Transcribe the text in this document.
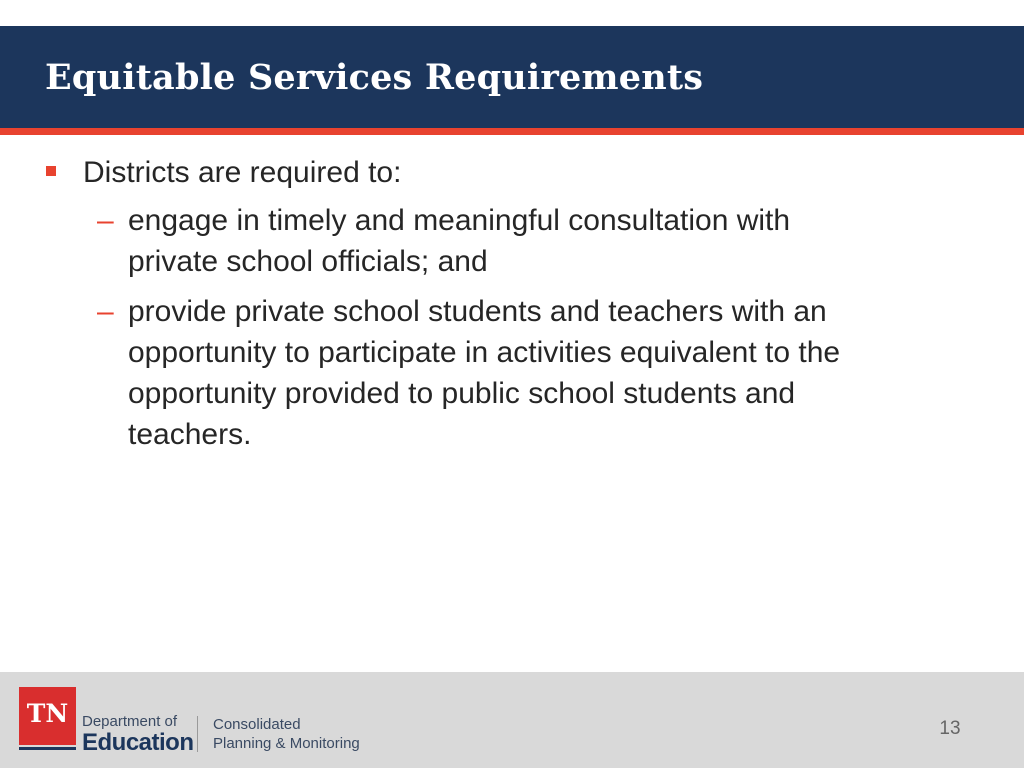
Equitable Services Requirements
Districts are required to:
– engage in timely and meaningful consultation with
private school officials; and
– provide private school students and teachers with an
opportunity to participate in activities equivalent to the
opportunity provided to public school students and
teachers.
TN Department of
Education
Consolidated
Planning & Monitoring
13
